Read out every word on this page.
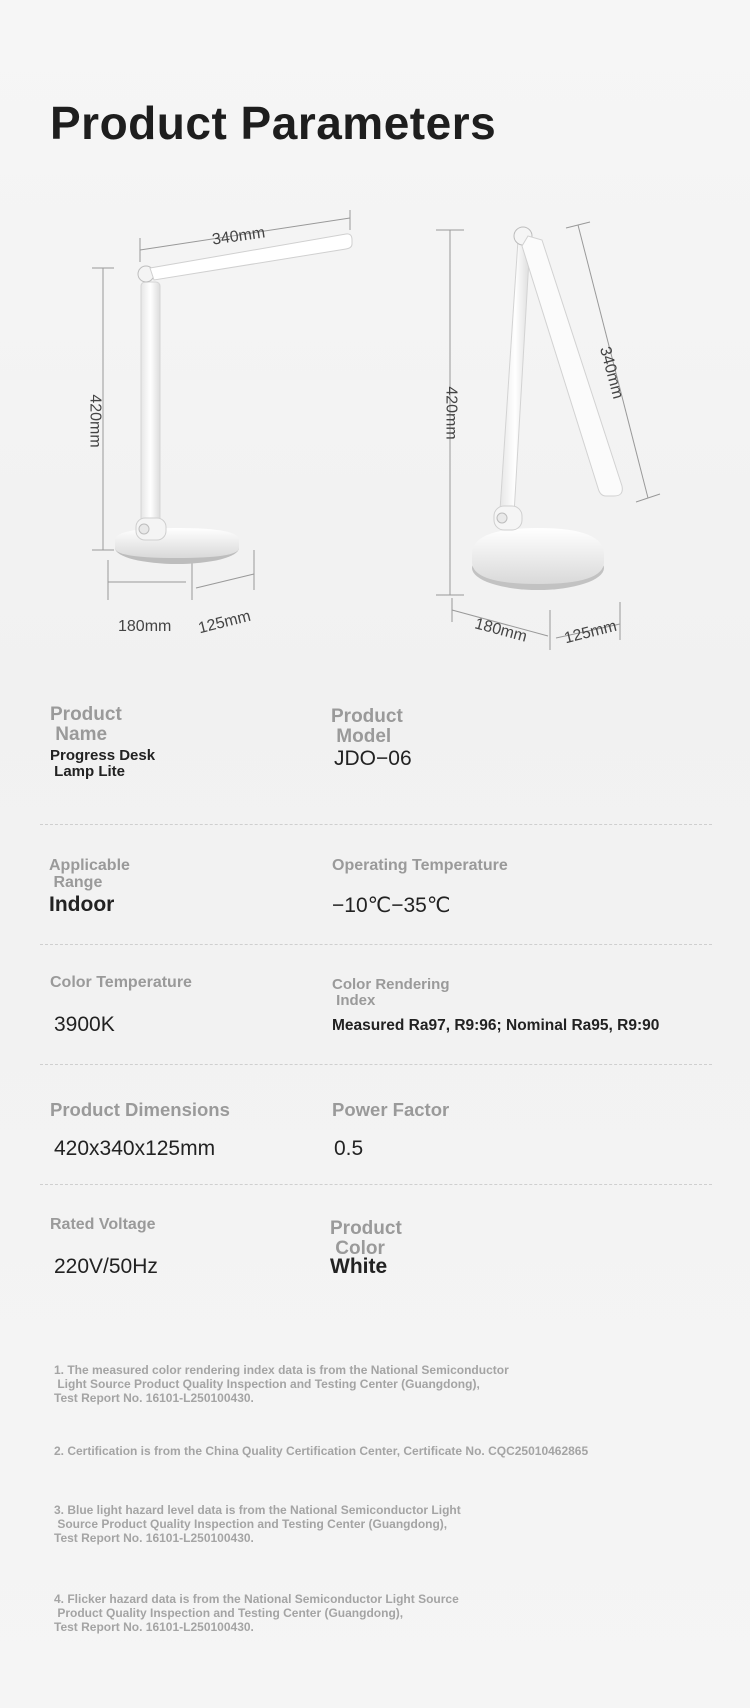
Product Parameters
340mm
420mm
180mm 125mm
420mm
340mm
180mm 125mm
Product
Name
Progress Desk
Lamp Lite
Product
Model
JDO−06
Applicable
Range
Indoor
Operating Temperature
−10℃−35℃
Color Temperature
3900K
Color Rendering
Index
Measured Ra97, R9:96; Nominal Ra95, R9:90
Product Dimensions
420x340x125mm
Power Factor
0.5
Rated Voltage
220V/50Hz
Product
Color
White
1. The measured color rendering index data is from the National Semiconductor
Light Source Product Quality Inspection and Testing Center (Guangdong),
Test Report No. 16101-L250100430.
2. Certification is from the China Quality Certification Center, Certificate No. CQC25010462865
3. Blue light hazard level data is from the National Semiconductor Light
Source Product Quality Inspection and Testing Center (Guangdong),
Test Report No. 16101-L250100430.
4. Flicker hazard data is from the National Semiconductor Light Source
Product Quality Inspection and Testing Center (Guangdong),
Test Report No. 16101-L250100430.
